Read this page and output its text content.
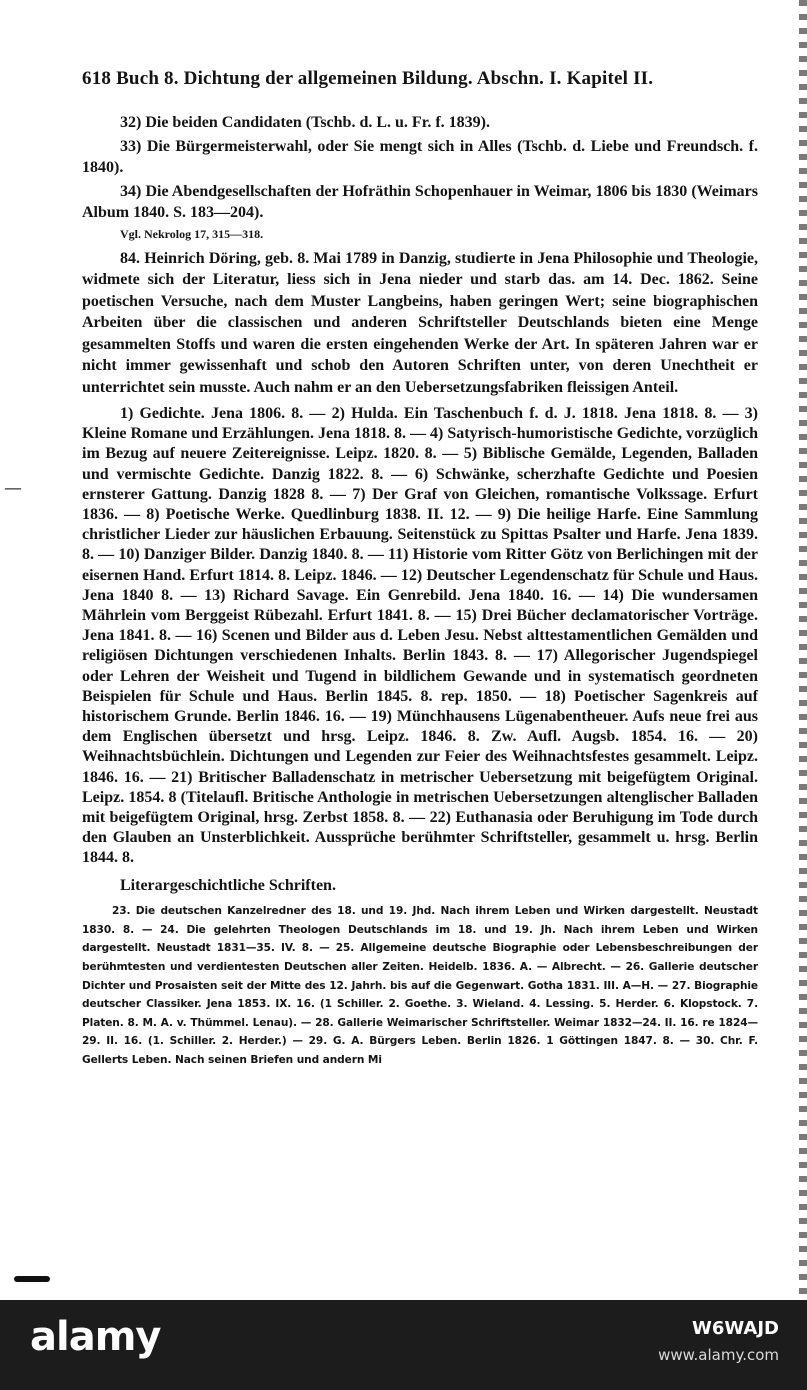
618 Buch 8. Dichtung der allgemeinen Bildung. Abschn. I. Kapitel II.

32) Die beiden Candidaten (Tschb. d. L. u. Fr. f. 1839).

33) Die Bürgermeisterwahl, oder Sie mengt sich in Alles (Tschb. d. Liebe und Freundsch. f. 1840).

34) Die Abendgesellschaften der Hofräthin Schopenhauer in Weimar, 1806 bis 1830 (Weimars Album 1840. S. 183—204).

Vgl. Nekrolog 17, 315—318.

84. Heinrich Döring, geb. 8. Mai 1789 in Danzig, studierte in Jena Philosophie und Theologie, widmete sich der Literatur, liess sich in Jena nieder und starb das. am 14. Dec. 1862. Seine poetischen Versuche, nach dem Muster Langbeins, haben geringen Wert; seine biographischen Arbeiten über die classischen und anderen Schriftsteller Deutschlands bieten eine Menge gesammelten Stoffs und waren die ersten eingehenden Werke der Art. In späteren Jahren war er nicht immer gewissenhaft und schob den Autoren Schriften unter, von deren Unechtheit er unterrichtet sein musste. Auch nahm er an den Uebersetzungsfabriken fleissigen Anteil.

1) Gedichte. Jena 1806. 8. — 2) Hulda. Ein Taschenbuch f. d. J. 1818. Jena 1818. 8. — 3) Kleine Romane und Erzählungen. Jena 1818. 8. — 4) Satyrisch-humoristische Gedichte, vorzüglich im Bezug auf neuere Zeitereignisse. Leipz. 1820. 8. — 5) Biblische Gemälde, Legenden, Balladen und vermischte Gedichte. Danzig 1822. 8. — 6) Schwänke, scherzhafte Gedichte und Poesien ernsterer Gattung. Danzig 1828 8. — 7) Der Graf von Gleichen, romantische Volkssage. Erfurt 1836. — 8) Poetische Werke. Quedlinburg 1838. II. 12. — 9) Die heilige Harfe. Eine Sammlung christlicher Lieder zur häuslichen Erbauung. Seitenstück zu Spittas Psalter und Harfe. Jena 1839. 8. — 10) Danziger Bilder. Danzig 1840. 8. — 11) Historie vom Ritter Götz von Berlichingen mit der eisernen Hand. Erfurt 1814. 8. Leipz. 1846. — 12) Deutscher Legendenschatz für Schule und Haus. Jena 1840 8. — 13) Richard Savage. Ein Genrebild. Jena 1840. 16. — 14) Die wundersamen Mährlein vom Berggeist Rübezahl. Erfurt 1841. 8. — 15) Drei Bücher declamatorischer Vorträge. Jena 1841. 8. — 16) Scenen und Bilder aus d. Leben Jesu. Nebst alttestamentlichen Gemälden und religiösen Dichtungen verschiedenen Inhalts. Berlin 1843. 8. — 17) Allegorischer Jugendspiegel oder Lehren der Weisheit und Tugend in bildlichem Gewande und in systematisch geordneten Beispielen für Schule und Haus. Berlin 1845. 8. rep. 1850. — 18) Poetischer Sagenkreis auf historischem Grunde. Berlin 1846. 16. — 19) Münchhausens Lügenabentheuer. Aufs neue frei aus dem Englischen übersetzt und hrsg. Leipz. 1846. 8. Zw. Aufl. Augsb. 1854. 16. — 20) Weihnachtsbüchlein. Dichtungen und Legenden zur Feier des Weihnachtsfestes gesammelt. Leipz. 1846. 16. — 21) Britischer Balladenschatz in metrischer Uebersetzung mit beigefügtem Original. Leipz. 1854. 8 (Titelaufl. Britische Anthologie in metrischen Uebersetzungen altenglischer Balladen mit beigefügtem Original, hrsg. Zerbst 1858. 8. — 22) Euthanasia oder Beruhigung im Tode durch den Glauben an Unsterblichkeit. Aussprüche berühmter Schriftsteller, gesammelt u. hrsg. Berlin 1844. 8.

Literargeschichtliche Schriften.

23. Die deutschen Kanzelredner des 18. und 19. Jhd. Nach ihrem Leben und Wirken dargestellt. Neustadt 1830. 8. — 24. Die gelehrten Theologen Deutschlands im 18. und 19. Jh. Nach ihrem Leben und Wirken dargestellt. Neustadt 1831—35. IV. 8. — 25. Allgemeine deutsche Biographie oder Lebensbeschreibungen der berühmtesten und verdientesten Deutschen aller Zeiten. Heidelb. 1836. A. — Albrecht. — 26. Gallerie deutscher Dichter und Prosaisten seit der Mitte des 12. Jahrh. bis auf die Gegenwart. Gotha 1831. III. A—H. — 27. Biographie deutscher Classiker. Jena 1853. IX. 16. (1 Schiller. 2. Goethe. 3. Wieland. 4. Lessing. 5. Herder. 6. Klopstock. 7. Platen. 8. M. A. v. Thümmel. Lenau). — 28. Gallerie Weimarischer Schriftsteller. Weimar 1832—24. II. 16. re 1824—29. II. 16. (1. Schiller. 2. Herder.) — 29. G. A. Bürgers Leben. Berlin 1826. 1 Göttingen 1847. 8. — 30. Chr. F. Gellerts Leben. Nach seinen Briefen und andern Mi

—
alamy	W6WAJD
www.alamy.com
